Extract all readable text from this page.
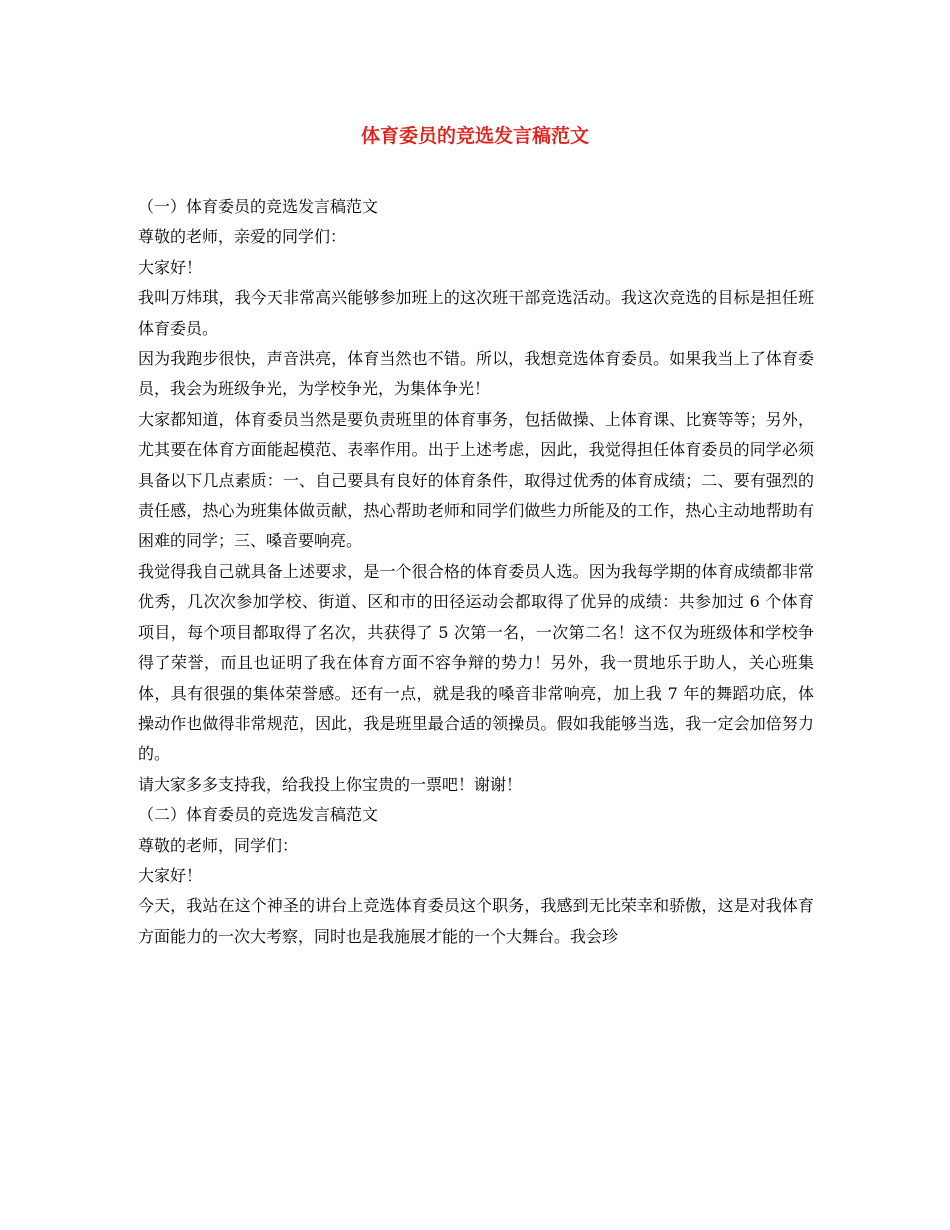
体育委员的竞选发言稿范文

（一）体育委员的竞选发言稿范文

尊敬的老师，亲爱的同学们：

大家好！

我叫万炜琪，我今天非常高兴能够参加班上的这次班干部竞选活动。我这次竞选的目标是担任班体育委员。

因为我跑步很快，声音洪亮，体育当然也不错。所以，我想竞选体育委员。如果我当上了体育委员，我会为班级争光，为学校争光，为集体争光！

大家都知道，体育委员当然是要负责班里的体育事务，包括做操、上体育课、比赛等等；另外，尤其要在体育方面能起模范、表率作用。出于上述考虑，因此，我觉得担任体育委员的同学必须具备以下几点素质：一、自己要具有良好的体育条件，取得过优秀的体育成绩；二、要有强烈的责任感，热心为班集体做贡献，热心帮助老师和同学们做些力所能及的工作，热心主动地帮助有困难的同学；三、嗓音要响亮。

我觉得我自己就具备上述要求，是一个很合格的体育委员人选。因为我每学期的体育成绩都非常优秀，几次次参加学校、街道、区和市的田径运动会都取得了优异的成绩：共参加过 6 个体育项目，每个项目都取得了名次，共获得了 5 次第一名，一次第二名！这不仅为班级体和学校争得了荣誉，而且也证明了我在体育方面不容争辩的势力！另外，我一贯地乐于助人，关心班集体，具有很强的集体荣誉感。还有一点，就是我的嗓音非常响亮，加上我 7 年的舞蹈功底，体操动作也做得非常规范，因此，我是班里最合适的领操员。假如我能够当选，我一定会加倍努力的。

请大家多多支持我，给我投上你宝贵的一票吧！谢谢！

（二）体育委员的竞选发言稿范文

尊敬的老师，同学们：

大家好！

今天，我站在这个神圣的讲台上竞选体育委员这个职务，我感到无比荣幸和骄傲，这是对我体育方面能力的一次大考察，同时也是我施展才能的一个大舞台。我会珍
